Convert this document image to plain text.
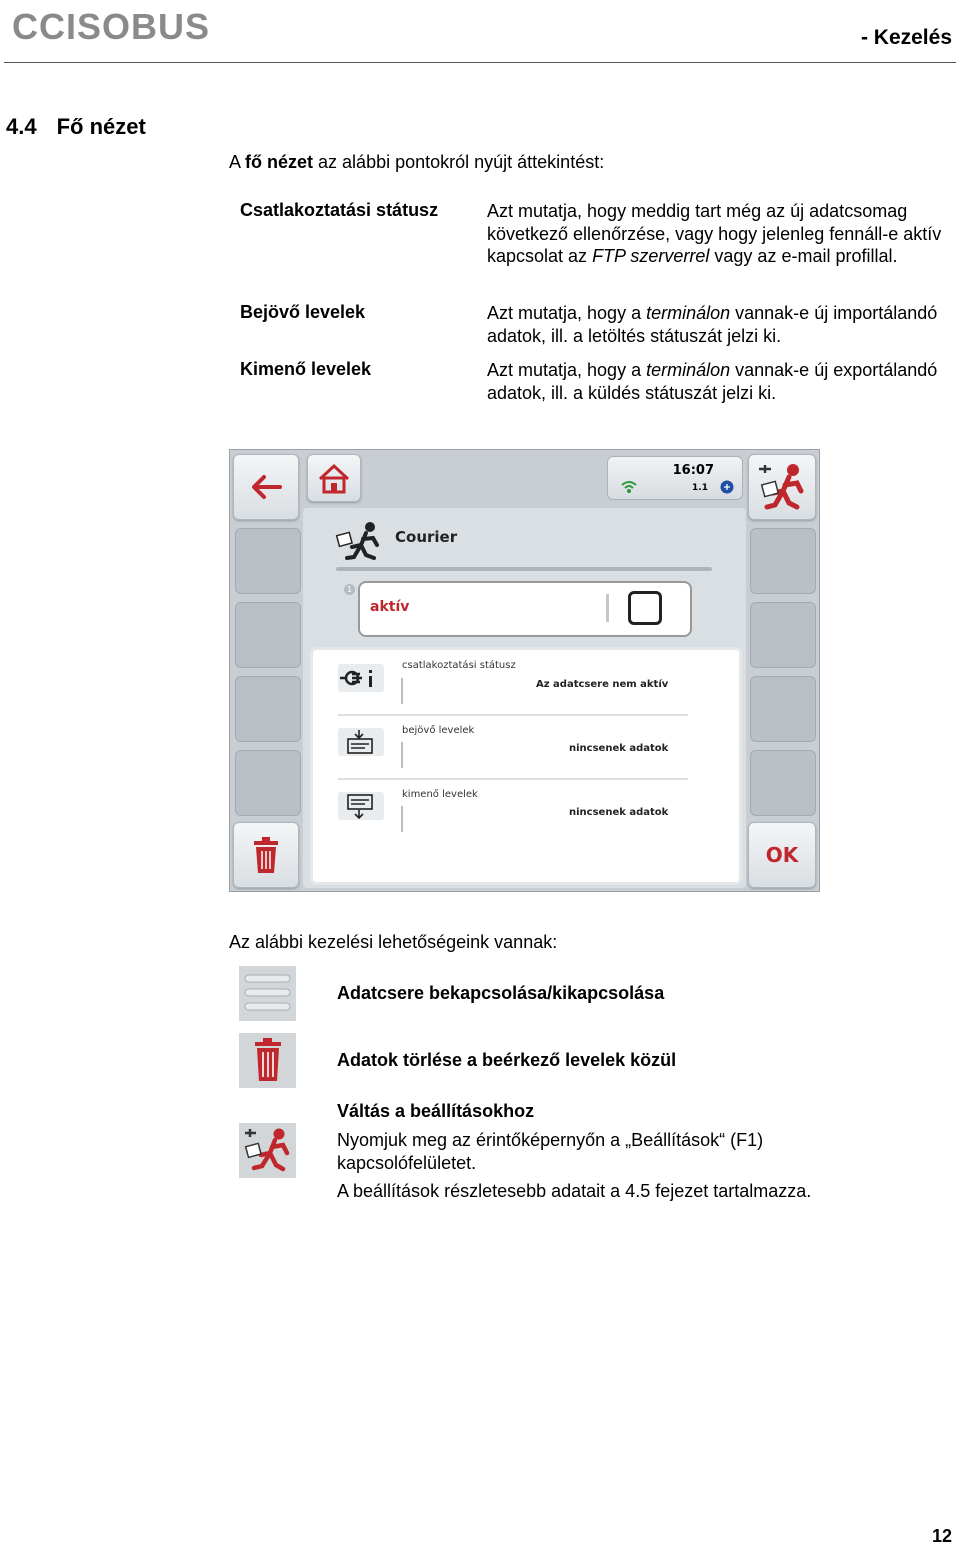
CCISOBUS	- Kezelés
4.4 Fő nézet
A fő nézet az alábbi pontokról nyújt áttekintést:
Csatlakoztatási státusz	Azt mutatja, hogy meddig tart még az új adatcsomag következő ellenőrzése, vagy hogy jelenleg fennáll-e aktív kapcsolat az FTP szerverrel vagy az e-mail profillal.
Bejövő levelek	Azt mutatja, hogy a terminálon vannak-e új importálandó adatok, ill. a letöltés státuszát jelzi ki.
Kimenő levelek	Azt mutatja, hogy a terminálon vannak-e új exportálandó adatok, ill. a küldés státuszát jelzi ki.
16:07
1.1
OK
Courier
1
aktív
csatlakoztatási státusz
Az adatcsere nem aktív
bejövő levelek
nincsenek adatok
kimenő levelek
nincsenek adatok
Az alábbi kezelési lehetőségeink vannak:
Adatcsere bekapcsolása/kikapcsolása
Adatok törlése a beérkező levelek közül
Váltás a beállításokhoz
Nyomjuk meg az érintőképernyőn a „Beállítások“ (F1)
kapcsolófelületet.
A beállítások részletesebb adatait a 4.5 fejezet tartalmazza.
12
